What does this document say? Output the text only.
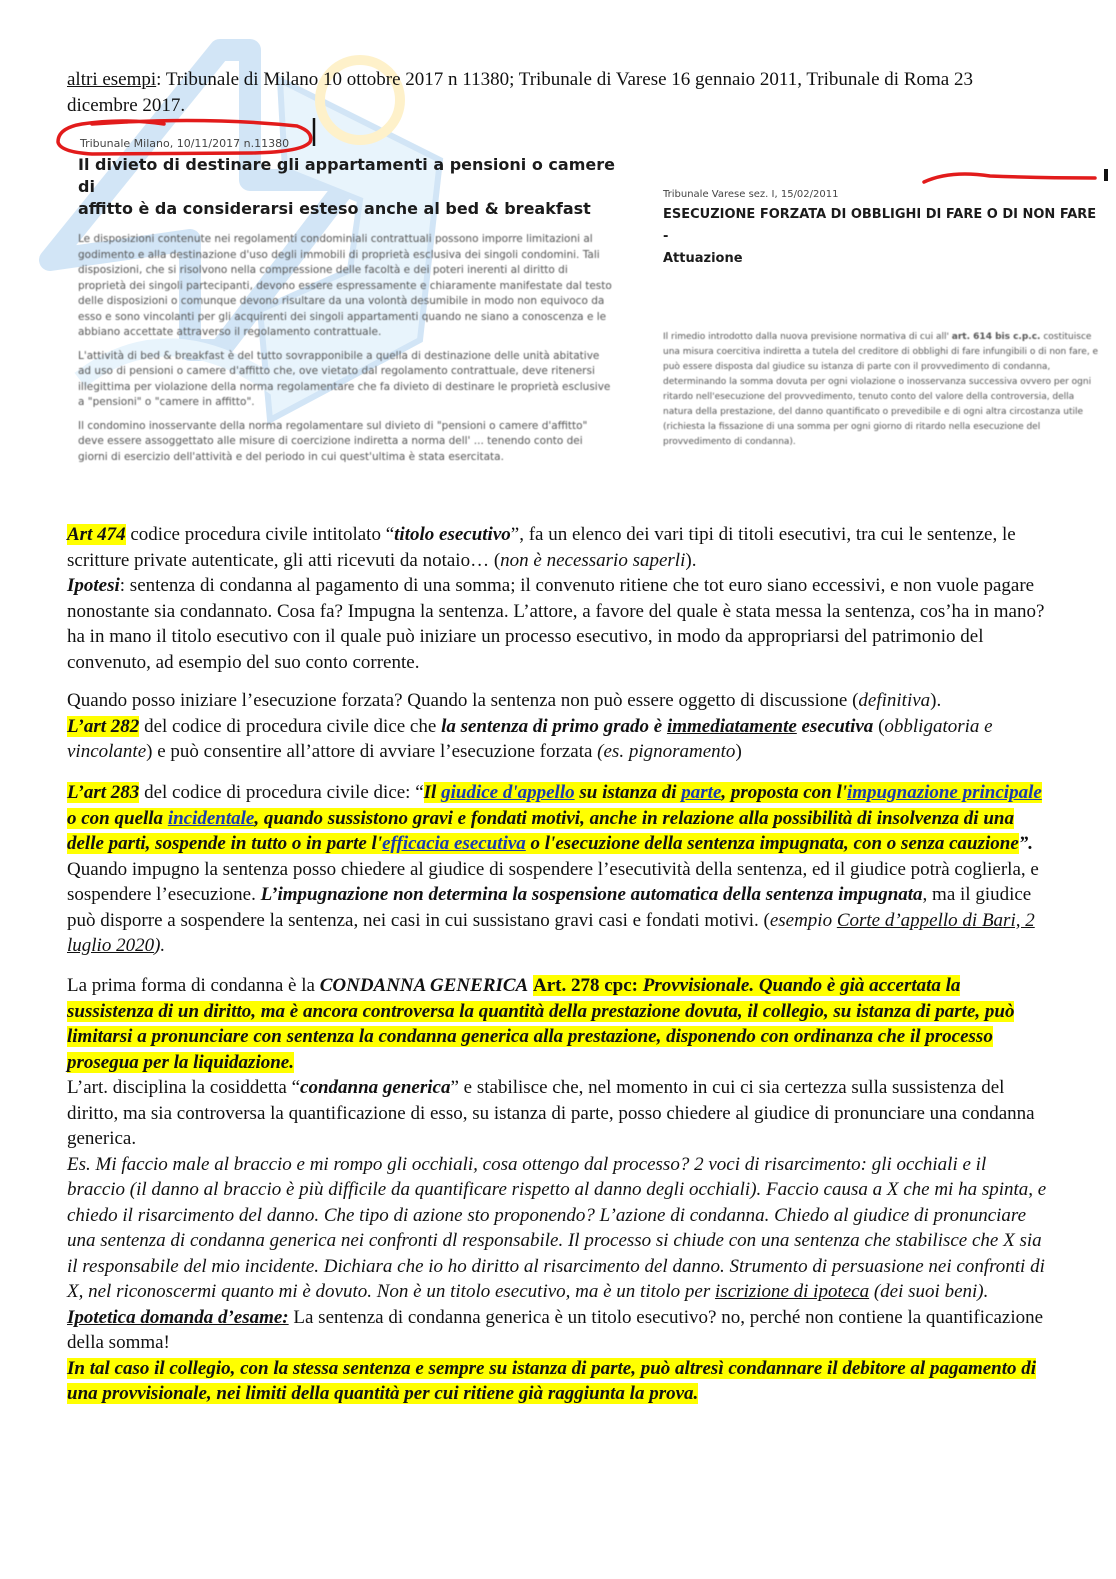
altri esempi: Tribunale di Milano 10 ottobre 2017 n 11380; Tribunale di Varese 16 gennaio 2011, Tribunale di Roma 23 dicembre 2017.
Tribunale Milano, 10/11/2017 n.11380
Il divieto di destinare gli appartamenti a pensioni o camere di
affitto è da considerarsi esteso anche al bed & breakfast

Le disposizioni contenute nei regolamenti condominiali contrattuali possono imporre limitazioni al godimento e alla destinazione d'uso degli immobili di proprietà esclusiva dei singoli condomini. Tali disposizioni, che si risolvono nella compressione delle facoltà e dei poteri inerenti al diritto di proprietà dei singoli partecipanti, devono essere espressamente e chiaramente manifestate dal testo delle disposizioni o comunque devono risultare da una volontà desumibile in modo non equivoco da esso e sono vincolanti per gli acquirenti dei singoli appartamenti quando ne siano a conoscenza e le abbiano accettate attraverso il regolamento contrattuale.

L'attività di bed & breakfast è del tutto sovrapponibile a quella di destinazione delle unità abitative ad uso di pensioni o camere d'affitto che, ove vietato dal regolamento contrattuale, deve ritenersi illegittima per violazione della norma regolamentare che fa divieto di destinare le proprietà esclusive a "pensioni" o "camere in affitto".

Il condomino inosservante della norma regolamentare sul divieto di "pensioni o camere d'affitto" deve essere assoggettato alle misure di coercizione indiretta a norma dell' ... tenendo conto dei giorni di esercizio dell'attività e del periodo in cui quest'ultima è stata esercitata.

Tribunale Varese sez. I, 15/02/2011
ESECUZIONE FORZATA DI OBBLIGHI DI FARE O DI NON FARE -
Attuazione
Il rimedio introdotto dalla nuova previsione normativa di cui all' art. 614 bis c.p.c. costituisce una misura coercitiva indiretta a tutela del creditore di obblighi di fare infungibili o di non fare, e può essere disposta dal giudice su istanza di parte con il provvedimento di condanna, determinando la somma dovuta per ogni violazione o inosservanza successiva ovvero per ogni ritardo nell'esecuzione del provvedimento, tenuto conto del valore della controversia, della natura della prestazione, del danno quantificato o prevedibile e di ogni altra circostanza utile (richiesta la fissazione di una somma per ogni giorno di ritardo nella esecuzione del provvedimento di condanna).
Art 474 codice procedura civile intitolato “titolo esecutivo”, fa un elenco dei vari tipi di titoli esecutivi, tra cui le sentenze, le scritture private autenticate, gli atti ricevuti da notaio… (non è necessario saperli).
Ipotesi: sentenza di condanna al pagamento di una somma; il convenuto ritiene che tot euro siano eccessivi, e non vuole pagare nonostante sia condannato. Cosa fa? Impugna la sentenza. L’attore, a favore del quale è stata messa la sentenza, cos’ha in mano? ha in mano il titolo esecutivo con il quale può iniziare un processo esecutivo, in modo da appropriarsi del patrimonio del convenuto, ad esempio del suo conto corrente.
Quando posso iniziare l’esecuzione forzata? Quando la sentenza non può essere oggetto di discussione (definitiva).
L’art 282 del codice di procedura civile dice che la sentenza di primo grado è immediatamente esecutiva (obbligatoria e vincolante) e può consentire all’attore di avviare l’esecuzione forzata (es. pignoramento)
L’art 283 del codice di procedura civile dice: “Il giudice d'appello su istanza di parte, proposta con l'impugnazione principale o con quella incidentale, quando sussistono gravi e fondati motivi, anche in relazione alla possibilità di insolvenza di una delle parti, sospende in tutto o in parte l'efficacia esecutiva o l'esecuzione della sentenza impugnata, con o senza cauzione”. Quando impugno la sentenza posso chiedere al giudice di sospendere l’esecutività della sentenza, ed il giudice potrà coglierla, e sospendere l’esecuzione. L’impugnazione non determina la sospensione automatica della sentenza impugnata, ma il giudice può disporre a sospendere la sentenza, nei casi in cui sussistano gravi casi e fondati motivi. (esempio Corte d’appello di Bari, 2 luglio 2020).
La prima forma di condanna è la CONDANNA GENERICA Art. 278 cpc: Provvisionale. Quando è già accertata la sussistenza di un diritto, ma è ancora controversa la quantità della prestazione dovuta, il collegio, su istanza di parte, può limitarsi a pronunciare con sentenza la condanna generica alla prestazione, disponendo con ordinanza che il processo prosegua per la liquidazione.
L’art. disciplina la cosiddetta “condanna generica” e stabilisce che, nel momento in cui ci sia certezza sulla sussistenza del diritto, ma sia controversa la quantificazione di esso, su istanza di parte, posso chiedere al giudice di pronunciare una condanna generica.
Es. Mi faccio male al braccio e mi rompo gli occhiali, cosa ottengo dal processo? 2 voci di risarcimento: gli occhiali e il braccio (il danno al braccio è più difficile da quantificare rispetto al danno degli occhiali). Faccio causa a X che mi ha spinta, e chiedo il risarcimento del danno. Che tipo di azione sto proponendo? L’azione di condanna. Chiedo al giudice di pronunciare una sentenza di condanna generica nei confronti dl responsabile. Il processo si chiude con una sentenza che stabilisce che X sia il responsabile del mio incidente. Dichiara che io ho diritto al risarcimento del danno. Strumento di persuasione nei confronti di X, nel riconoscermi quanto mi è dovuto. Non è un titolo esecutivo, ma è un titolo per iscrizione di ipoteca (dei suoi beni).
Ipotetica domanda d’esame: La sentenza di condanna generica è un titolo esecutivo? no, perché non contiene la quantificazione della somma!
In tal caso il collegio, con la stessa sentenza e sempre su istanza di parte, può altresì condannare il debitore al pagamento di una provvisionale, nei limiti della quantità per cui ritiene già raggiunta la prova.
